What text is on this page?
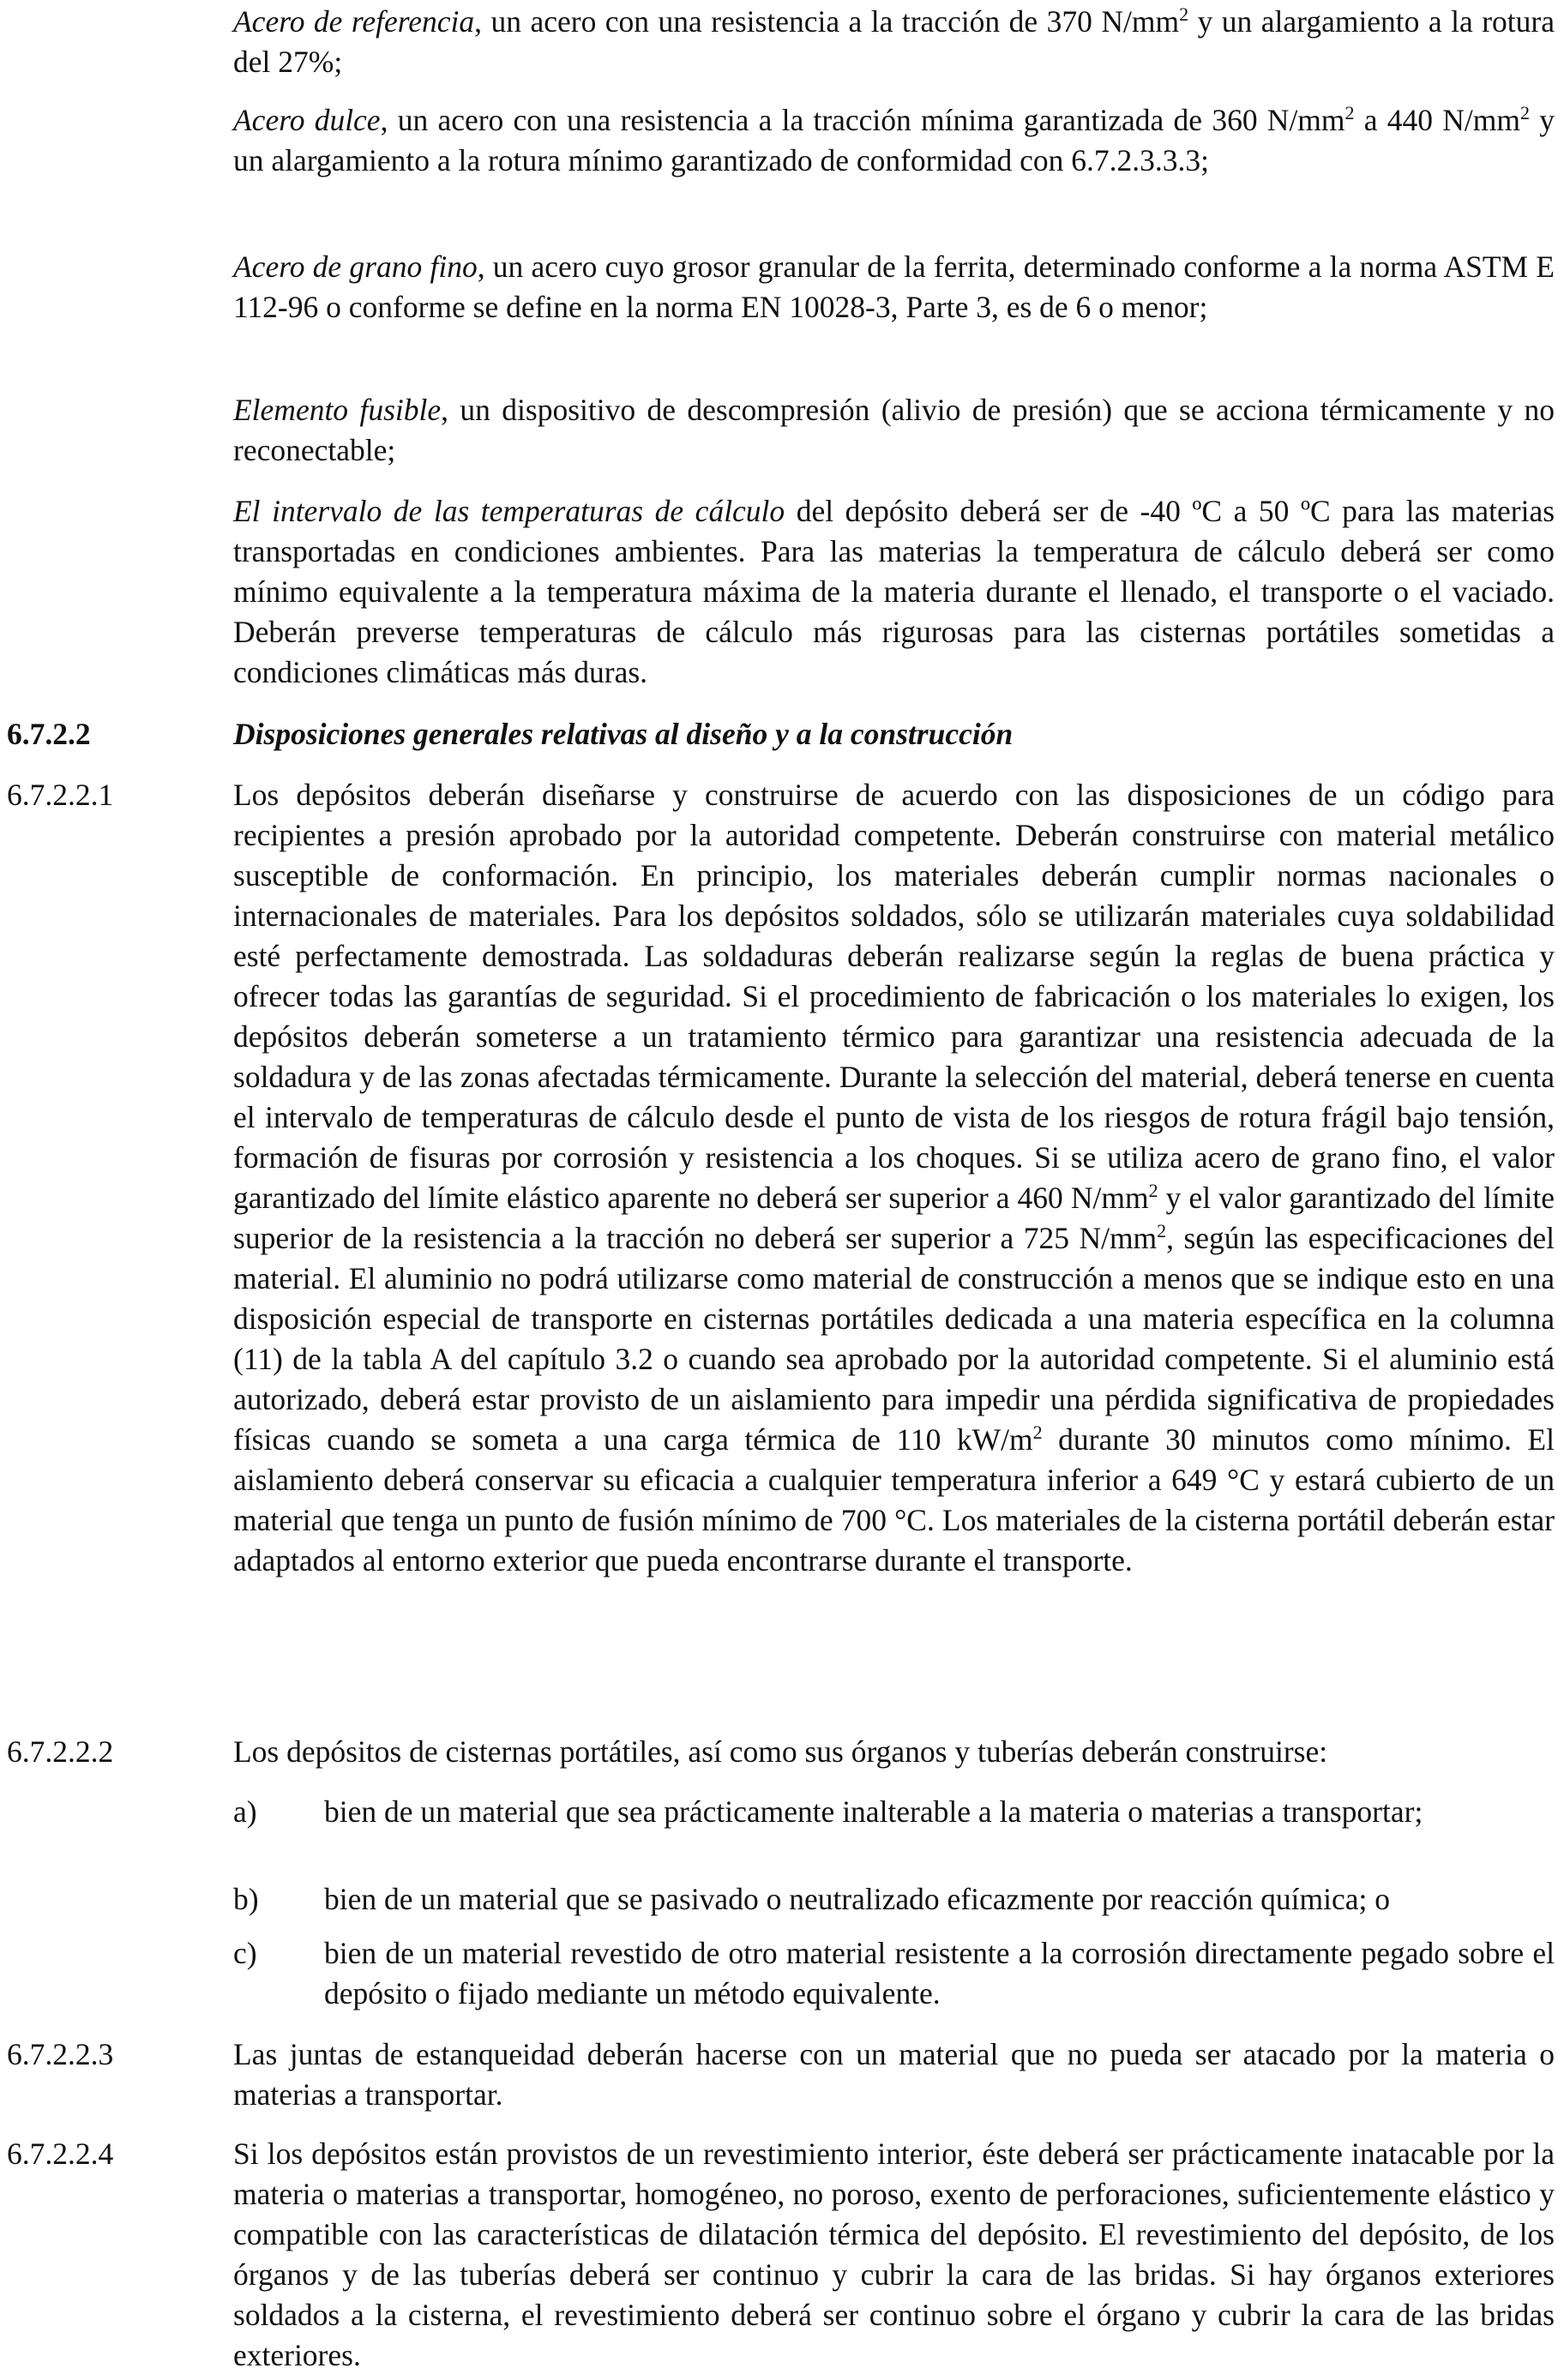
Acero de referencia, un acero con una resistencia a la tracción de 370 $N/mm^2$ y un alargamiento a la rotura del 27%;

Acero dulce, un acero con una resistencia a la tracción mínima garantizada de 360 $N/mm^2$ a 440 $N/mm^2$ y un alargamiento a la rotura mínimo garantizado de conformidad con 6.7.2.3.3.3;

Acero de grano fino, un acero cuyo grosor granular de la ferrita, determinado conforme a la norma ASTM E 112-96 o conforme se define en la norma EN 10028-3, Parte 3, es de 6 o menor;

Elemento fusible, un dispositivo de descompresión (alivio de presión) que se acciona térmicamente y no reconectable;

El intervalo de las temperaturas de cálculo del depósito deberá ser de -40 ºC a 50 ºC para las materias transportadas en condiciones ambientes. Para las materias la temperatura de cálculo deberá ser como mínimo equivalente a la temperatura máxima de la materia durante el llenado, el transporte o el vaciado. Deberán preverse temperaturas de cálculo más rigurosas para las cisternas portátiles sometidas a condiciones climáticas más duras.

6.7.2.2	Disposiciones generales relativas al diseño y a la construcción

6.7.2.2.1	Los depósitos deberán diseñarse y construirse de acuerdo con las disposiciones de un código para recipientes a presión aprobado por la autoridad competente. Deberán construirse con material metálico susceptible de conformación. En principio, los materiales deberán cumplir normas nacionales o internacionales de materiales. Para los depósitos soldados, sólo se utilizarán materiales cuya soldabilidad esté perfectamente demostrada. Las soldaduras deberán realizarse según la reglas de buena práctica y ofrecer todas las garantías de seguridad. Si el procedimiento de fabricación o los materiales lo exigen, los depósitos deberán someterse a un tratamiento térmico para garantizar una resistencia adecuada de la soldadura y de las zonas afectadas térmicamente. Durante la selección del material, deberá tenerse en cuenta el intervalo de temperaturas de cálculo desde el punto de vista de los riesgos de rotura frágil bajo tensión, formación de fisuras por corrosión y resistencia a los choques. Si se utiliza acero de grano fino, el valor garantizado del límite elástico aparente no deberá ser superior a 460 $N/mm^2$ y el valor garantizado del límite superior de la resistencia a la tracción no deberá ser superior a 725 $N/mm^2$, según las especificaciones del material. El aluminio no podrá utilizarse como material de construcción a menos que se indique esto en una disposición especial de transporte en cisternas portátiles dedicada a una materia específica en la columna (11) de la tabla A del capítulo 3.2 o cuando sea aprobado por la autoridad competente. Si el aluminio está autorizado, deberá estar provisto de un aislamiento para impedir una pérdida significativa de propiedades físicas cuando se someta a una carga térmica de 110 $kW/m^2$ durante 30 minutos como mínimo. El aislamiento deberá conservar su eficacia a cualquier temperatura inferior a 649 °C y estará cubierto de un material que tenga un punto de fusión mínimo de 700 °C. Los materiales de la cisterna portátil deberán estar adaptados al entorno exterior que pueda encontrarse durante el transporte.

6.7.2.2.2	Los depósitos de cisternas portátiles, así como sus órganos y tuberías deberán construirse:

a) bien de un material que sea prácticamente inalterable a la materia o materias a transportar;

b) bien de un material que se pasivado o neutralizado eficazmente por reacción química; o

c) bien de un material revestido de otro material resistente a la corrosión directamente pegado sobre el depósito o fijado mediante un método equivalente.

6.7.2.2.3	Las juntas de estanqueidad deberán hacerse con un material que no pueda ser atacado por la materia o materias a transportar.

6.7.2.2.4	Si los depósitos están provistos de un revestimiento interior, éste deberá ser prácticamente inatacable por la materia o materias a transportar, homogéneo, no poroso, exento de perforaciones, suficientemente elástico y compatible con las características de dilatación térmica del depósito. El revestimiento del depósito, de los órganos y de las tuberías deberá ser continuo y cubrir la cara de las bridas. Si hay órganos exteriores soldados a la cisterna, el revestimiento deberá ser continuo sobre el órgano y cubrir la cara de las bridas exteriores.
